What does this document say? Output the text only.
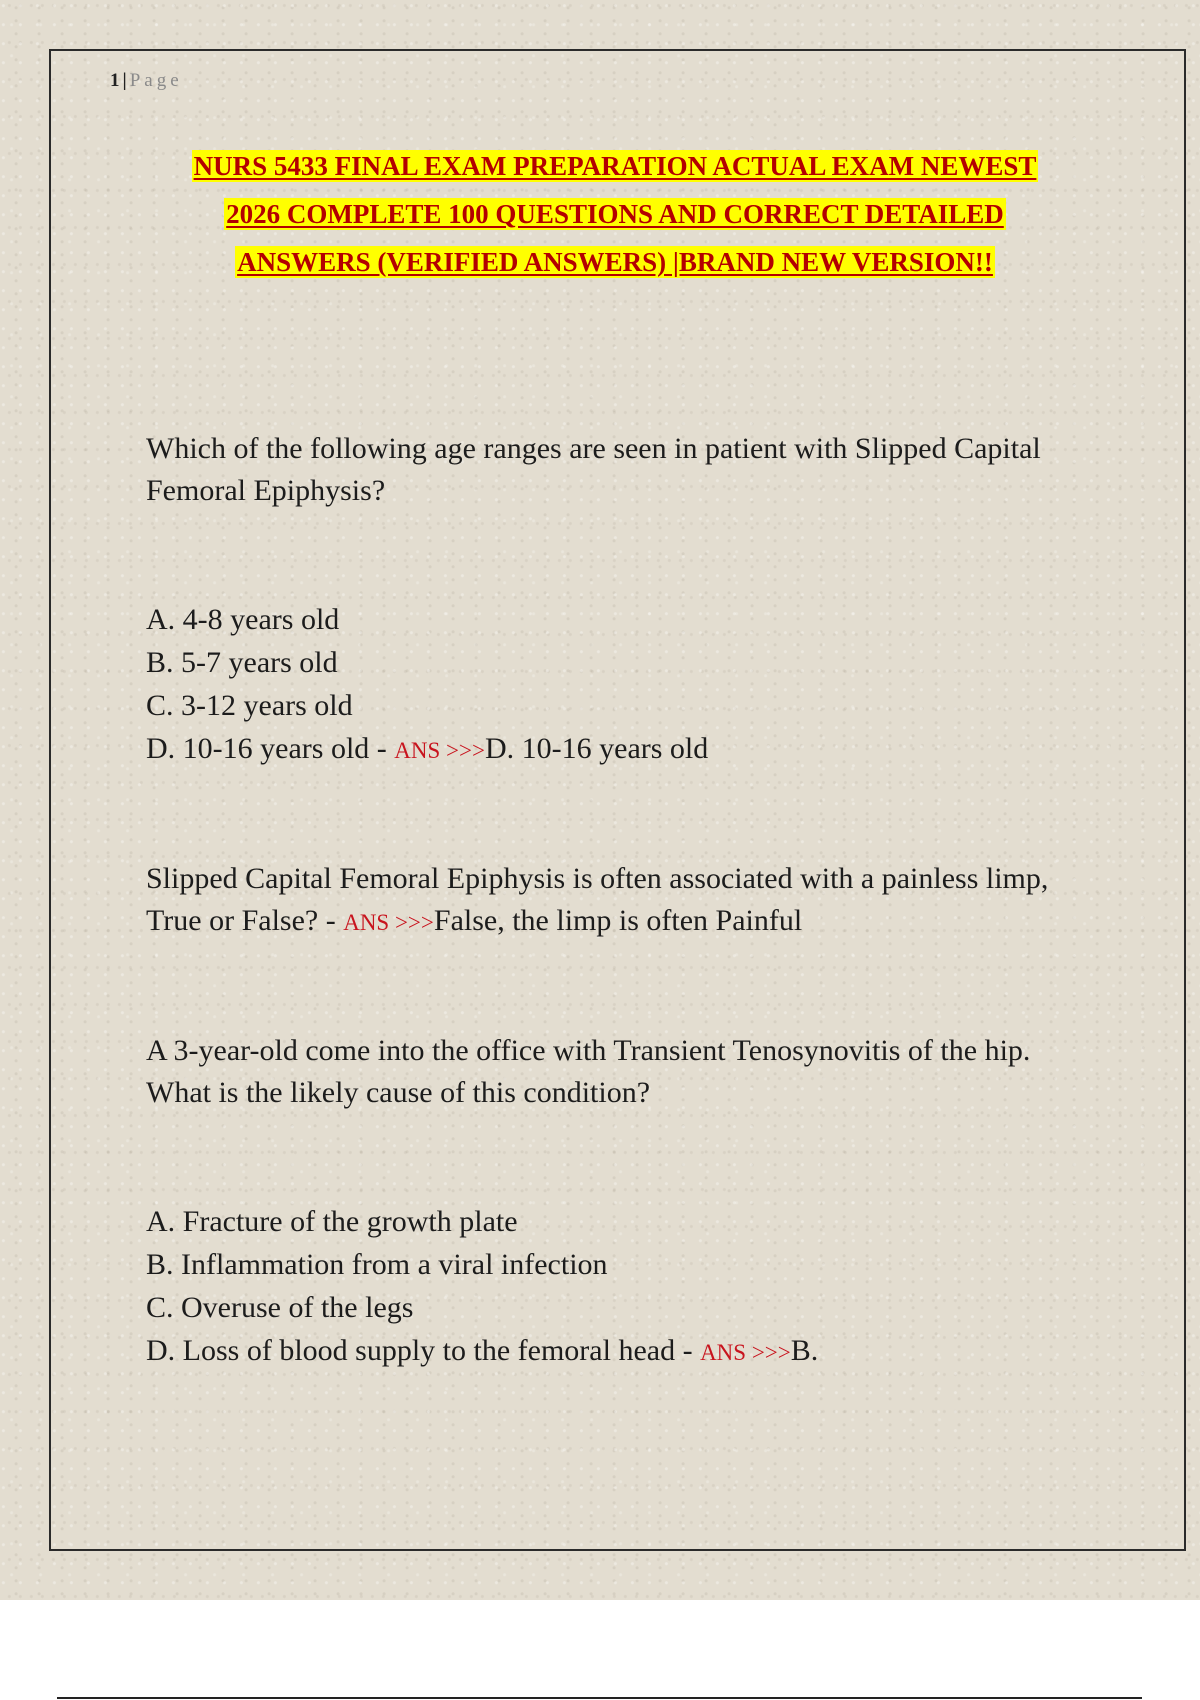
1|Page
NURS 5433 FINAL EXAM PREPARATION ACTUAL EXAM NEWEST
2026 COMPLETE 100 QUESTIONS AND CORRECT DETAILED
ANSWERS (VERIFIED ANSWERS) |BRAND NEW VERSION!!
Which of the following age ranges are seen in patient with Slipped Capital Femoral Epiphysis?
A. 4-8 years old
B. 5-7 years old
C. 3-12 years old
D. 10-16 years old - ANS >>>D. 10-16 years old
Slipped Capital Femoral Epiphysis is often associated with a painless limp, True or False? - ANS >>>False, the limp is often Painful
A 3-year-old come into the office with Transient Tenosynovitis of the hip. What is the likely cause of this condition?
A. Fracture of the growth plate
B. Inflammation from a viral infection
C. Overuse of the legs
D. Loss of blood supply to the femoral head - ANS >>>B.
